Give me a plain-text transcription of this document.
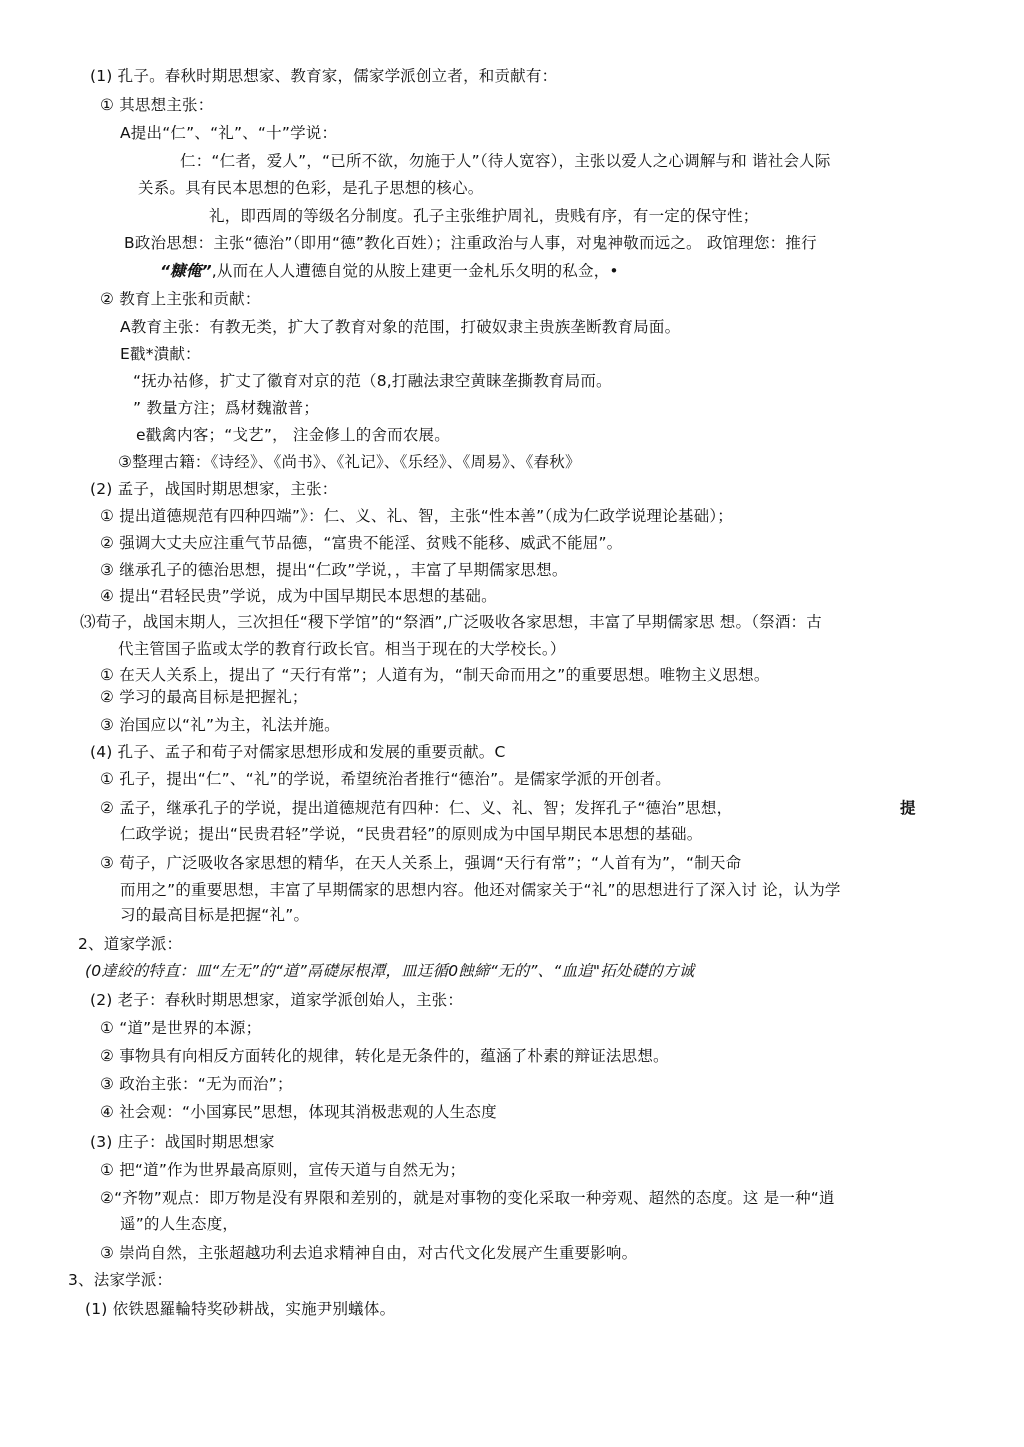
(1) 孔子。春秋时期思想家、教育家，儒家学派创立者，和贡献有：
① 其思想主张：
A提出“仁”、“礼”、“十”学说：
仁：“仁者，爱人”，“已所不欲，勿施于人”（待人宽容），主张以爱人之心调解与和 谐社会人际
关系。具有民本思想的色彩，是孔子思想的核心。
礼，即西周的等级名分制度。孔子主张维护周礼，贵贱有序，有一定的保守性；
B政治思想：主张“德治”（即用“德”教化百姓）；注重政治与人事，对鬼神敬而远之。 政馆理您：推行
“糠俺”,从而在人人遭德自觉的从胺上建更一金札乐夂明的私佥，•
② 教育上主张和贡献：
A教育主张：有教无类，扩大了教育对象的范围，打破奴隶主贵族垄断教育局面。
E戳*潰献：
“抚办祜修，扩丈了徽育对京的范（8,打融法隶空黄睐垄撕教育局而。
” 教量方注；爲材魏澈普；
e戳禽内客；“戈艺”， 注金修丄的舍而农展。
③整理古籍：《诗经》、《尚书》、《礼记》、《乐经》、《周易》、《春秋》
(2) 孟子，战国时期思想家，主张：
① 提出道德规范有四种四端”》：仁、义、礼、智，主张“性本善”（成为仁政学说理论基础）；
② 强调大丈夫应注重气节品德，“富贵不能淫、贫贱不能移、威武不能屈”。
③ 继承孔子的德治思想，提出“仁政”学说，，丰富了早期儒家思想。
④ 提出“君轻民贵”学说，成为中国早期民本思想的基础。
⑶荀子，战国末期人，三次担任“稷下学馆”的“祭酒”,广泛吸收各家思想，丰富了早期儒家思 想。（祭酒：古
代主管国子监或太学的教育行政长官。相当于现在的大学校长。）
① 在天人关系上，提出了 “天行有常”；人道有为，“制天命而用之”的重要思想。唯物主义思想。
② 学习的最高目标是把握礼；
③ 治国应以“礼”为主，礼法并施。
(4) 孔子、孟子和荀子对儒家思想形成和发展的重要贡献。C
① 孔子，提出“仁”、“礼”的学说，希望统治者推行“德治”。是儒家学派的开创者。
② 孟子，继承孔子的学说，提出道德规范有四种：仁、义、礼、智；发挥孔子“德治”思想，	提
仁政学说；提出“民贵君轻”学说，“民贵君轻”的原则成为中国早期民本思想的基础。
③ 荀子，广泛吸收各家思想的精华，在天人关系上，强调“天行有常”；“人首有为”，“制天命
而用之”的重要思想，丰富了早期儒家的思想内容。他还对儒家关于“礼”的思想进行了深入讨 论，认为学
习的最高目标是把握“礼”。
2、道家学派：
(0達絞的特直：皿“左无”的“道”鬲礎尿根潭，皿迋循0蝕締“无的”、“血追"拓处礎的方诚
(2) 老子：春秋时期思想家，道家学派创始人，主张：
① “道”是世界的本源；
② 事物具有向相反方面转化的规律，转化是无条件的，蕴涵了朴素的辩证法思想。
③ 政治主张：“无为而治”；
④ 社会观：“小国寡民”思想，体现其消极悲观的人生态度
(3) 庄子：战国时期思想家
① 把“道”作为世界最高原则，宣传天道与自然无为；
②“齐物”观点：即万物是没有界限和差别的，就是对事物的变化采取一种旁观、超然的态度。这 是一种“逍
遥”的人生态度，
③ 崇尚自然，主张超越功利去追求精神自由，对古代文化发展产生重要影响。
3、法家学派：
(1) 依铁恩羅輪特奖砂耕战，实施尹别蟻体。
